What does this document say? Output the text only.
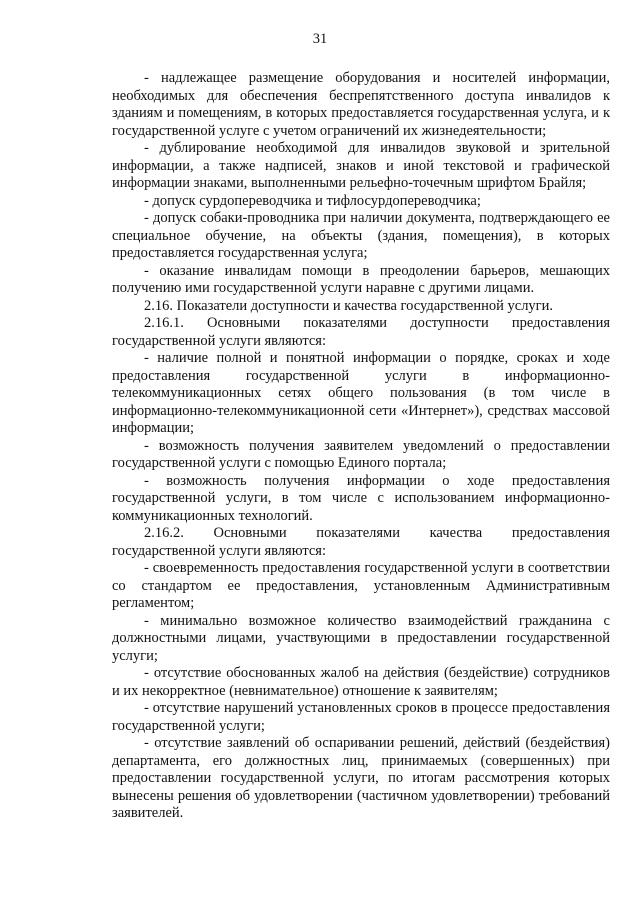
31

- надлежащее размещение оборудования и носителей информации, необходимых для обеспечения беспрепятственного доступа инвалидов к зданиям и помещениям, в которых предоставляется государственная услуга, и к государственной услуге с учетом ограничений их жизнедеятельности;

- дублирование необходимой для инвалидов звуковой и зрительной информации, а также надписей, знаков и иной текстовой и графической информации знаками, выполненными рельефно-точечным шрифтом Брайля;

- допуск сурдопереводчика и тифлосурдопереводчика;

- допуск собаки-проводника при наличии документа, подтверждающего ее специальное обучение, на объекты (здания, помещения), в которых предоставляется государственная услуга;

- оказание инвалидам помощи в преодолении барьеров, мешающих получению ими государственной услуги наравне с другими лицами.

2.16. Показатели доступности и качества государственной услуги.

2.16.1. Основными показателями доступности предоставления государственной услуги являются:

- наличие полной и понятной информации о порядке, сроках и ходе предоставления государственной услуги в информационно-телекоммуникационных сетях общего пользования (в том числе в информационно-телекоммуникационной сети «Интернет»), средствах массовой информации;

- возможность получения заявителем уведомлений о предоставлении государственной услуги с помощью Единого портала;

- возможность получения информации о ходе предоставления государственной услуги, в том числе с использованием информационно-коммуникационных технологий.

2.16.2. Основными показателями качества предоставления государственной услуги являются:

- своевременность предоставления государственной услуги в соответствии со стандартом ее предоставления, установленным Административным регламентом;

- минимально возможное количество взаимодействий гражданина с должностными лицами, участвующими в предоставлении государственной услуги;

- отсутствие обоснованных жалоб на действия (бездействие) сотрудников и их некорректное (невнимательное) отношение к заявителям;

- отсутствие нарушений установленных сроков в процессе предоставления государственной услуги;

- отсутствие заявлений об оспаривании решений, действий (бездействия) департамента, его должностных лиц, принимаемых (совершенных) при предоставлении государственной услуги, по итогам рассмотрения которых вынесены решения об удовлетворении (частичном удовлетворении) требований заявителей.
